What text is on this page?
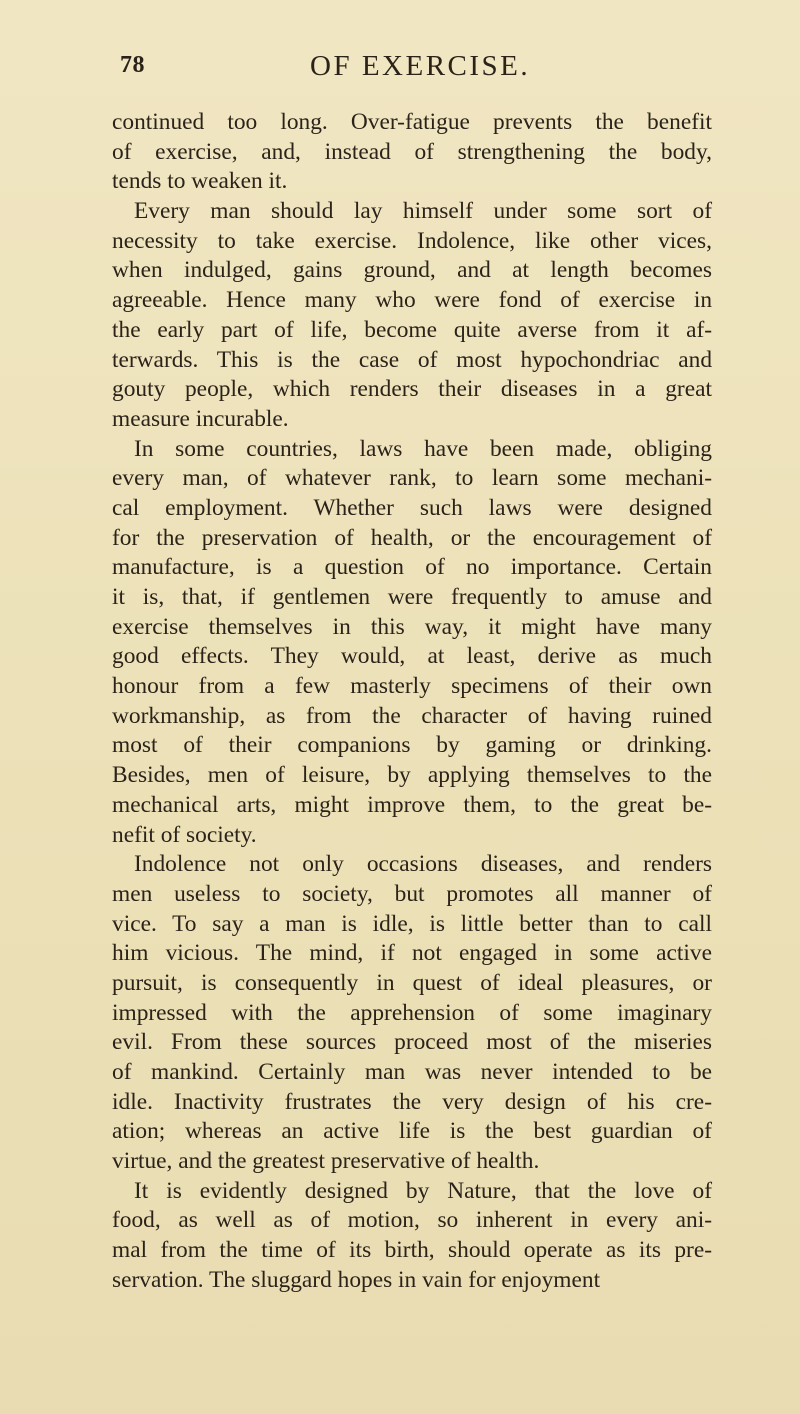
78	OF EXERCISE.
continued too long. Over-fatigue prevents the benefit
of exercise, and, instead of strengthening the body,
tends to weaken it.
Every man should lay himself under some sort of
necessity to take exercise. Indolence, like other vices,
when indulged, gains ground, and at length becomes
agreeable. Hence many who were fond of exercise in
the early part of life, become quite averse from it af-
terwards. This is the case of most hypochondriac and
gouty people, which renders their diseases in a great
measure incurable.
In some countries, laws have been made, obliging
every man, of whatever rank, to learn some mechani-
cal employment. Whether such laws were designed
for the preservation of health, or the encouragement of
manufacture, is a question of no importance. Certain
it is, that, if gentlemen were frequently to amuse and
exercise themselves in this way, it might have many
good effects. They would, at least, derive as much
honour from a few masterly specimens of their own
workmanship, as from the character of having ruined
most of their companions by gaming or drinking.
Besides, men of leisure, by applying themselves to the
mechanical arts, might improve them, to the great be-
nefit of society.
Indolence not only occasions diseases, and renders
men useless to society, but promotes all manner of
vice. To say a man is idle, is little better than to call
him vicious. The mind, if not engaged in some active
pursuit, is consequently in quest of ideal pleasures, or
impressed with the apprehension of some imaginary
evil. From these sources proceed most of the miseries
of mankind. Certainly man was never intended to be
idle. Inactivity frustrates the very design of his cre-
ation; whereas an active life is the best guardian of
virtue, and the greatest preservative of health.
It is evidently designed by Nature, that the love of
food, as well as of motion, so inherent in every ani-
mal from the time of its birth, should operate as its pre-
servation. The sluggard hopes in vain for enjoyment
